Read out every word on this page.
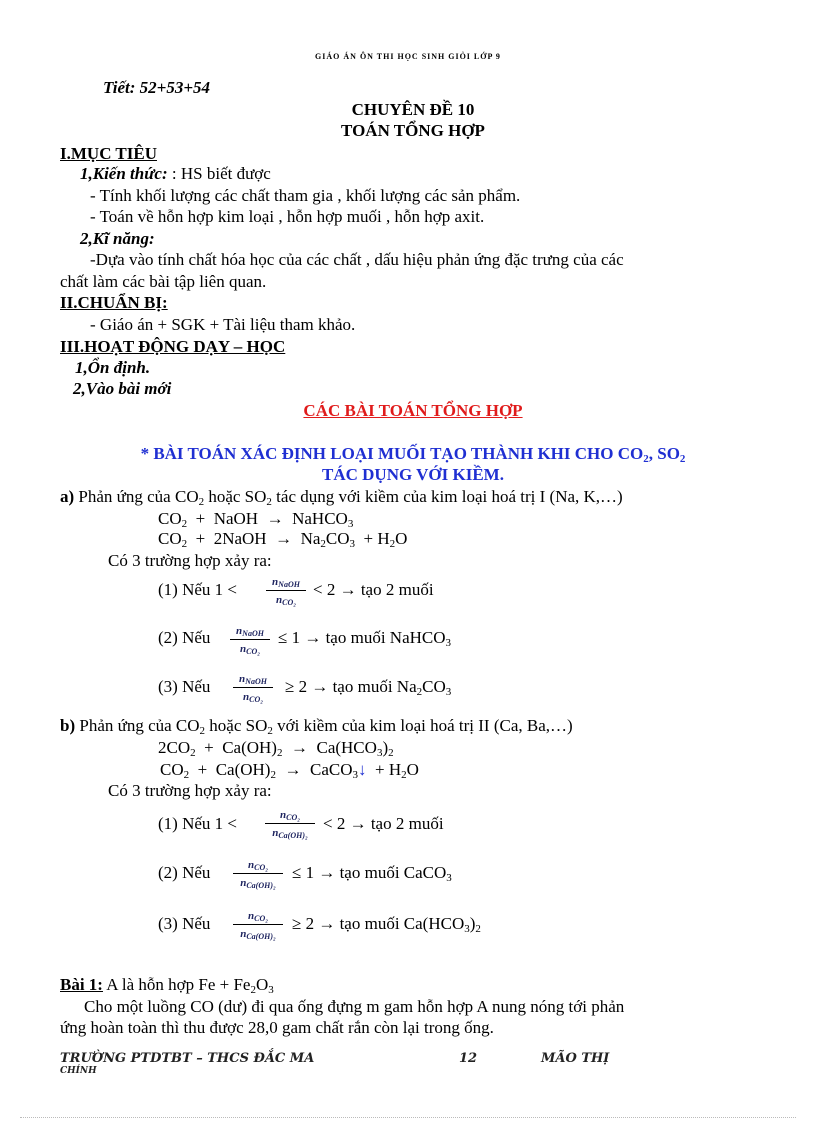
GIÁO ÁN ÔN THI HỌC SINH GIỎI LỚP 9
Tiết: 52+53+54
CHUYÊN ĐỀ 10
TOÁN TỔNG HỢP
I.MỤC TIÊU
1,Kiến thức: : HS biết được
- Tính khối lượng các chất tham gia , khối lượng các sản phẩm.
- Toán về hỗn hợp kim loại , hỗn hợp muối , hỗn hợp axit.
2,Kĩ năng:
-Dựa vào tính chất hóa học của các chất , dấu hiệu phản ứng đặc trưng của các
chất làm các bài tập liên quan.
II.CHUẨN BỊ:
- Giáo án + SGK + Tài liệu tham khảo.
III.HOẠT ĐỘNG DẠY – HỌC
1,Ổn định.
2,Vào bài mới
CÁC BÀI TOÁN TỔNG HỢP
* BÀI TOÁN XÁC ĐỊNH LOẠI MUỐI TẠO THÀNH KHI CHO $CO_2$, $SO_2$
TÁC DỤNG VỚI KIỀM.
a) Phản ứng của $CO_2$ hoặc $SO_2$ tác dụng với kiềm của kim loại hoá trị I (Na, K,…)
$CO_2$  +  NaOH  →  NaHCO$_3$
$CO_2$  +  2NaOH  →  $Na_2CO_3 + H_2O$
Có 3 trường hợp xảy ra:
(1) Nếu 1 <	$n_{NaOH}$
$n_{CO_2}$
< 2 → tạo 2 muối
(2) Nếu	$n_{NaOH}$
$n_{CO_2}$
≤ 1 → tạo muối NaHCO$_3$
(3) Nếu	$n_{NaOH}$
$n_{CO_2}$
≥ 2 → tạo muối $Na_2CO_3$
b) Phản ứng của $CO_2$ hoặc $SO_2$ với kiềm của kim loại hoá trị II (Ca, Ba,…)
$2CO_2 + Ca(OH)_2 \to Ca(HCO_3)_2$
$CO_2 + Ca(OH)_2$  →  CaCO$_3$↓  + $H_2O$
Có 3 trường hợp xảy ra:
(1) Nếu 1 <	$n_{CO_2}$
$n_{Ca(OH)_2}$
< 2 → tạo 2 muối
(2) Nếu	$n_{CO_2}$
$n_{Ca(OH)_2}$
≤ 1 → tạo muối CaCO$_3$
(3) Nếu	$n_{CO_2}$
$n_{Ca(OH)_2}$
≥ 2 → tạo muối $Ca(HCO_3)_2$
Bài 1: A là hỗn hợp $Fe + Fe_2O_3$
Cho một luồng CO (dư) đi qua ống đựng m gam hỗn hợp A nung nóng tới phản
ứng hoàn toàn thì thu được 28,0 gam chất rắn còn lại trong ống.
TRƯỜNG PTDTBT – THCS ĐẮC MA	12	MÃO THỊ
CHÍNH
